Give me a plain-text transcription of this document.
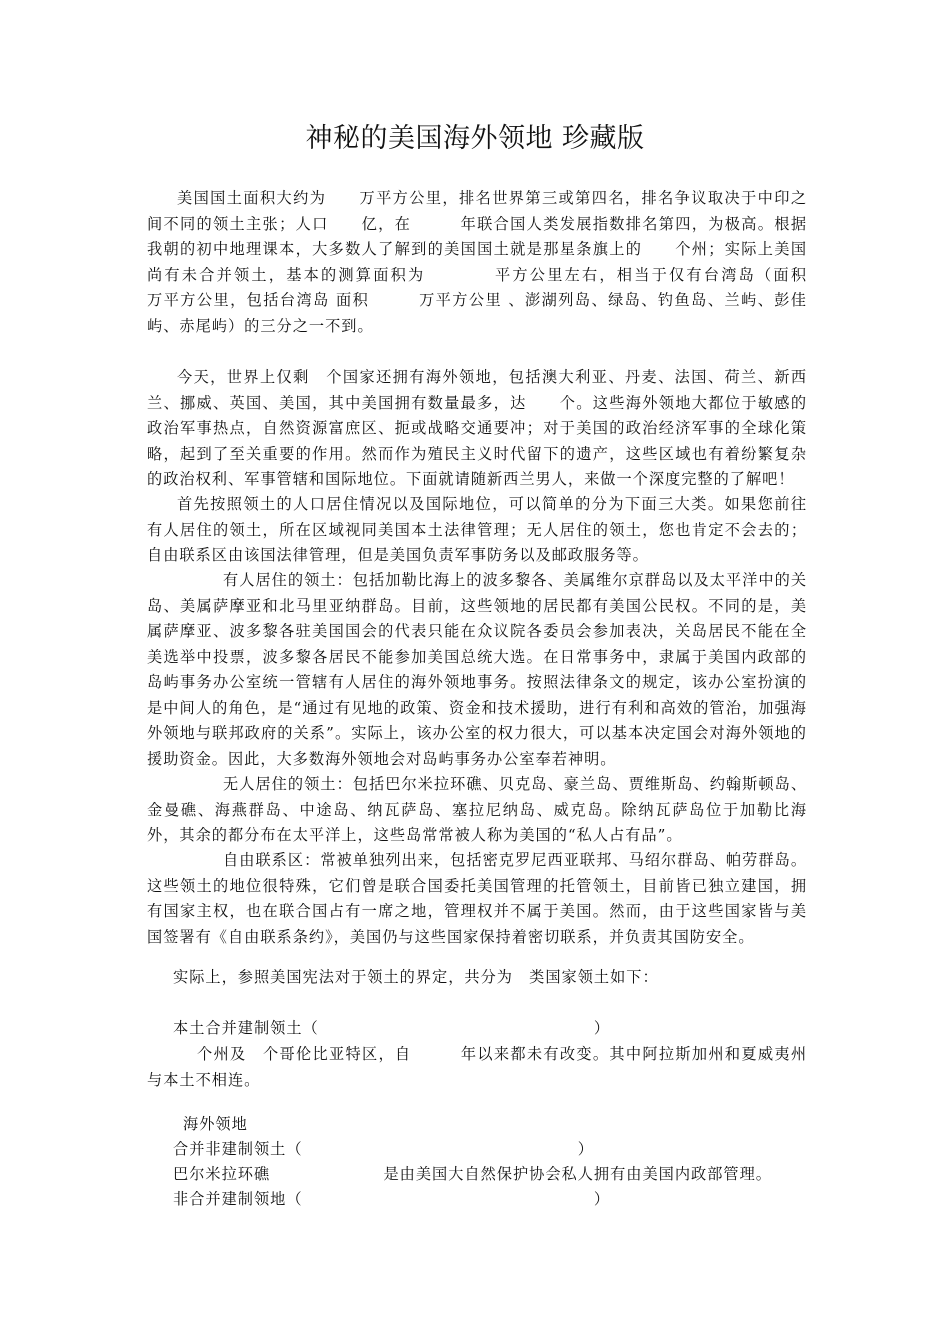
神秘的美国海外领地 珍藏版

美国国土面积大约为　　万平方公里，排名世界第三或第四名，排名争议取决于中印之间不同的领土主张；人口　　亿，在　　　年联合国人类发展指数排名第四，为极高。根据我朝的初中地理课本，大多数人了解到的美国国土就是那星条旗上的　　个州；实际上美国尚有未合并领土，基本的测算面积为　　　　平方公里左右，相当于仅有台湾岛（面积　　万平方公里，包括台湾岛 面积　　　万平方公里 、澎湖列岛、绿岛、钓鱼岛、兰屿、彭佳屿、赤尾屿）的三分之一不到。

今天，世界上仅剩　个国家还拥有海外领地，包括澳大利亚、丹麦、法国、荷兰、新西兰、挪威、英国、美国，其中美国拥有数量最多，达　　个。这些海外领地大都位于敏感的政治军事热点，自然资源富庶区、扼或战略交通要冲；对于美国的政治经济军事的全球化策略，起到了至关重要的作用。然而作为殖民主义时代留下的遗产，这些区域也有着纷繁复杂的政治权利、军事管辖和国际地位。下面就请随新西兰男人，来做一个深度完整的了解吧！

首先按照领土的人口居住情况以及国际地位，可以简单的分为下面三大类。如果您前往有人居住的领土，所在区域视同美国本土法律管理；无人居住的领土，您也肯定不会去的；自由联系区由该国法律管理，但是美国负责军事防务以及邮政服务等。

有人居住的领土：包括加勒比海上的波多黎各、美属维尔京群岛以及太平洋中的关岛、美属萨摩亚和北马里亚纳群岛。目前，这些领地的居民都有美国公民权。不同的是，美属萨摩亚、波多黎各驻美国国会的代表只能在众议院各委员会参加表决，关岛居民不能在全美选举中投票，波多黎各居民不能参加美国总统大选。在日常事务中，隶属于美国内政部的岛屿事务办公室统一管辖有人居住的海外领地事务。按照法律条文的规定，该办公室扮演的是中间人的角色，是“通过有见地的政策、资金和技术援助，进行有利和高效的管治，加强海外领地与联邦政府的关系”。实际上，该办公室的权力很大，可以基本决定国会对海外领地的援助资金。因此，大多数海外领地会对岛屿事务办公室奉若神明。

无人居住的领土：包括巴尔米拉环礁、贝克岛、豪兰岛、贾维斯岛、约翰斯顿岛、金曼礁、海燕群岛、中途岛、纳瓦萨岛、塞拉尼纳岛、威克岛。除纳瓦萨岛位于加勒比海外，其余的都分布在太平洋上，这些岛常常被人称为美国的“私人占有品”。

自由联系区：常被单独列出来，包括密克罗尼西亚联邦、马绍尔群岛、帕劳群岛。这些领土的地位很特殊，它们曾是联合国委托美国管理的托管领土，目前皆已独立建国，拥有国家主权，也在联合国占有一席之地，管理权并不属于美国。然而，由于这些国家皆与美国签署有《自由联系条约》，美国仍与这些国家保持着密切联系，并负责其国防安全。

实际上，参照美国宪法对于领土的界定，共分为　类国家领土如下：
本土合并建制领土（　　　　　　　　　　　　　　　　　）

个州及　个哥伦比亚特区，自　　　年以来都未有改变。其中阿拉斯加州和夏威夷州与本土不相连。

海外领地
合并非建制领土（　　　　　　　　　　　　　　　　　）
巴尔米拉环礁　　　　　　　是由美国大自然保护协会私人拥有由美国内政部管理。
非合并建制领地（　　　　　　　　　　　　　　　　　　）
